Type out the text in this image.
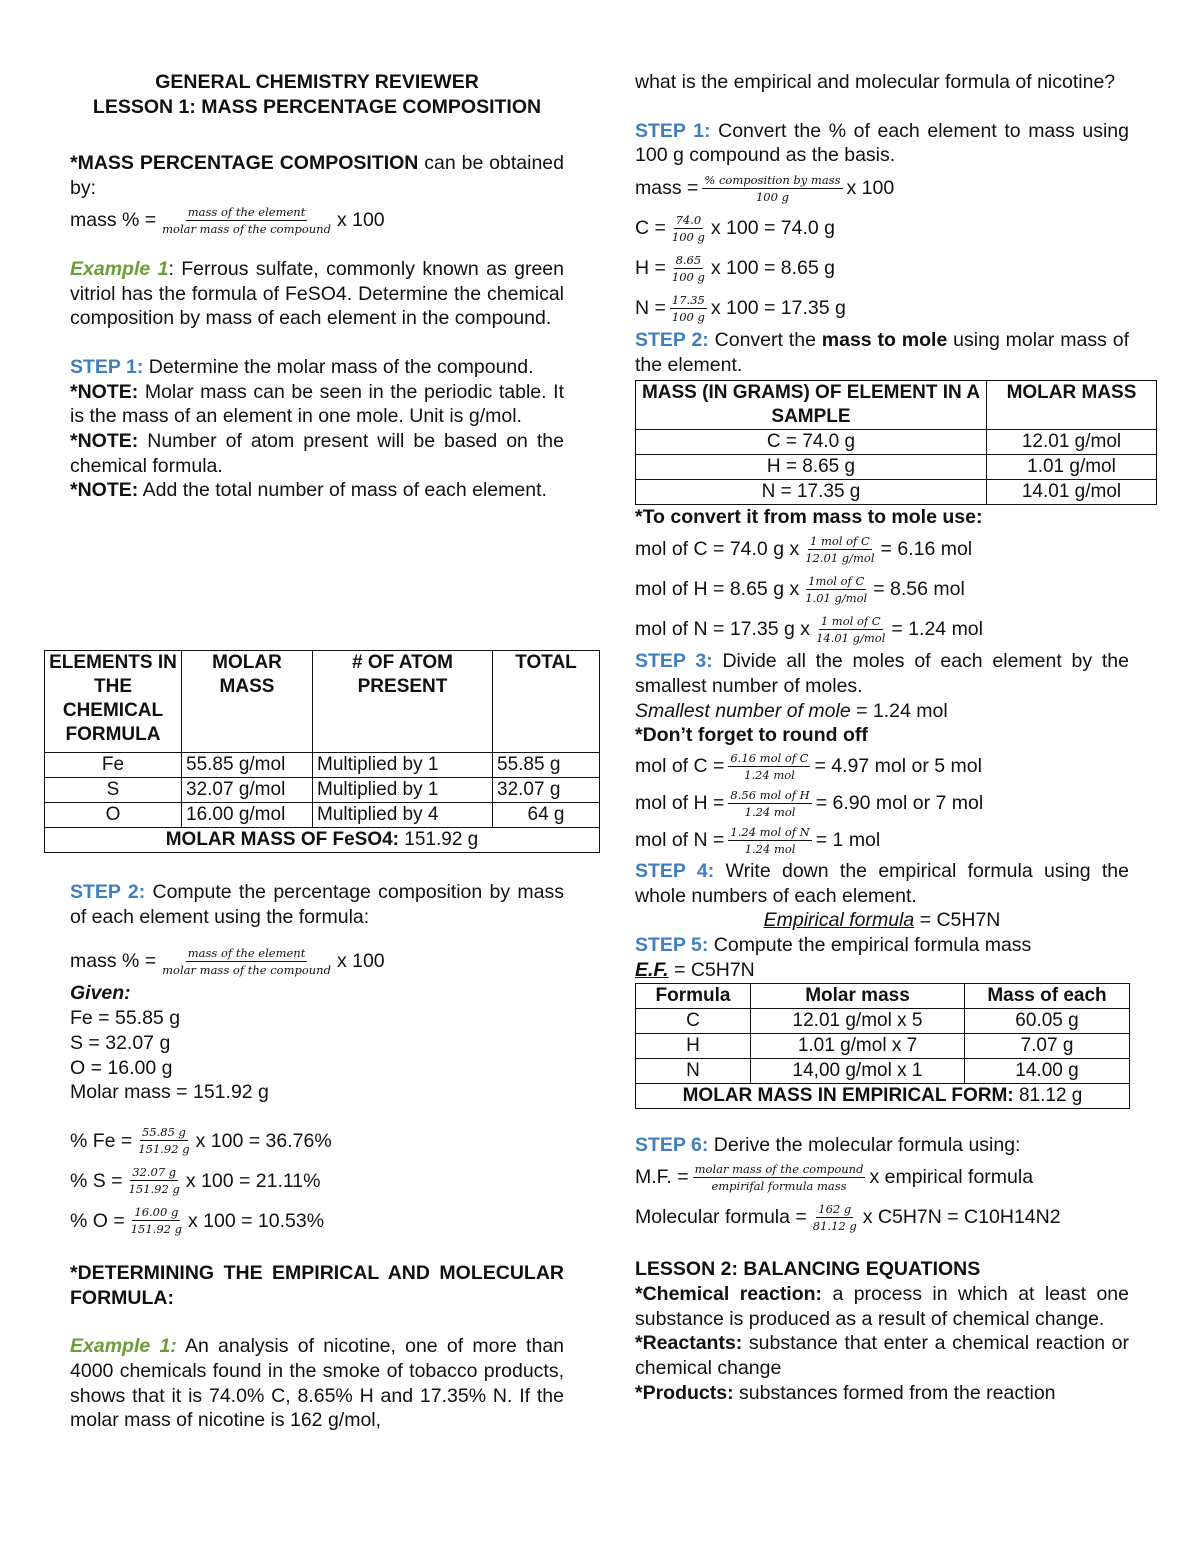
GENERAL CHEMISTRY REVIEWER
LESSON 1: MASS PERCENTAGE COMPOSITION
*MASS PERCENTAGE COMPOSITION can be obtained by:
mass % = $\frac{\text{mass of the element}}{\text{molar mass of the compound}}$ x 100
Example 1: Ferrous sulfate, commonly known as green vitriol has the formula of FeSO4. Determine the chemical composition by mass of each element in the compound.
STEP 1: Determine the molar mass of the compound.
*NOTE: Molar mass can be seen in the periodic table. It is the mass of an element in one mole. Unit is g/mol.
*NOTE: Number of atom present will be based on the chemical formula.
*NOTE: Add the total number of mass of each element.
ELEMENTS IN THE CHEMICAL FORMULA	MOLAR MASS	# OF ATOM PRESENT	TOTAL
Fe	55.85 g/mol	Multiplied by 1	55.85 g
S	32.07 g/mol	Multiplied by 1	32.07 g
O	16.00 g/mol	Multiplied by 4	64 g
MOLAR MASS OF FeSO4: 151.92 g			
STEP 2: Compute the percentage composition by mass of each element using the formula:
mass % = $\frac{\text{mass of the element}}{\text{molar mass of the compound}}$ x 100
Given:
Fe = 55.85 g
S = 32.07 g
O = 16.00 g
Molar mass = 151.92 g
% $Fe = \frac{55.85 g}{151.92 g}$ x 100 = 36.76%
% $S = \frac{32.07 g}{151.92 g}$ x 100 = 21.11%
% $O = \frac{16.00 g}{151.92 g}$ x 100 = 10.53%
*DETERMINING THE EMPIRICAL AND MOLECULAR FORMULA:
Example 1: An analysis of nicotine, one of more than 4000 chemicals found in the smoke of tobacco products, shows that it is 74.0% C, 8.65% H and 17.35% N. If the molar mass of nicotine is 162 g/mol,
what is the empirical and molecular formula of nicotine?
STEP 1: Convert the % of each element to mass using 100 g compound as the basis.
mass = $\frac{\text{\% composition by mass}}{100 g}$ x 100
$C = \frac{74.0}{100 g}$ x 100 = 74.0 g
$H = \frac{8.65}{100 g}$ x 100 = 8.65 g
$N = \frac{17.35}{100 g}$ x 100 = 17.35 g
STEP 2: Convert the mass to mole using molar mass of the element.
MASS (IN GRAMS) OF ELEMENT IN A SAMPLE	MOLAR MASS
C = 74.0 g	12.01 g/mol
H = 8.65 g	1.01 g/mol
N = 17.35 g	14.01 g/mol
*To convert it from mass to mole use:
mol of C = 74.0 g x $\frac{\text{1 mol of C}}{\text{12.01 g/mol}} = 6.16$ mol
mol of H = 8.65 g x $\frac{\text{1mol of C}}{\text{1.01 g/mol}} = 8.56$ mol
mol of N = 17.35 g x $\frac{\text{1 mol of C}}{\text{14.01 g/mol}} = 1.24$ mol
STEP 3: Divide all the moles of each element by the smallest number of moles.
Smallest number of mole = 1.24 mol
*Don’t forget to round off
mol of $C = \frac{\text{6.16 mol of C}}{\text{1.24 mol}} = 4.97$ mol or 5 mol
mol of $H = \frac{\text{8.56 mol of H}}{\text{1.24 mol}} = 6.90$ mol or 7 mol
mol of $N = \frac{\text{1.24 mol of N}}{\text{1.24 mol}} = 1$ mol
STEP 4: Write down the empirical formula using the whole numbers of each element.
Empirical formula = C5H7N
STEP 5: Compute the empirical formula mass
E.F. = C5H7N
Formula	Molar mass	Mass of each
C	12.01 g/mol x 5	60.05 g
H	1.01 g/mol x 7	7.07 g
N	14,00 g/mol x 1	14.00 g
MOLAR MASS IN EMPIRICAL FORM: 81.12 g		
STEP 6: Derive the molecular formula using:
M.F. = $\frac{\text{molar mass of the compound}}{\text{empirifal formula mass}}$ x empirical formula
Molecular formula = $\frac{162 g}{81.12 g}$ x C5H7N = C10H14N2
LESSON 2: BALANCING EQUATIONS
*Chemical reaction: a process in which at least one substance is produced as a result of chemical change.
*Reactants: substance that enter a chemical reaction or chemical change
*Products: substances formed from the reaction
